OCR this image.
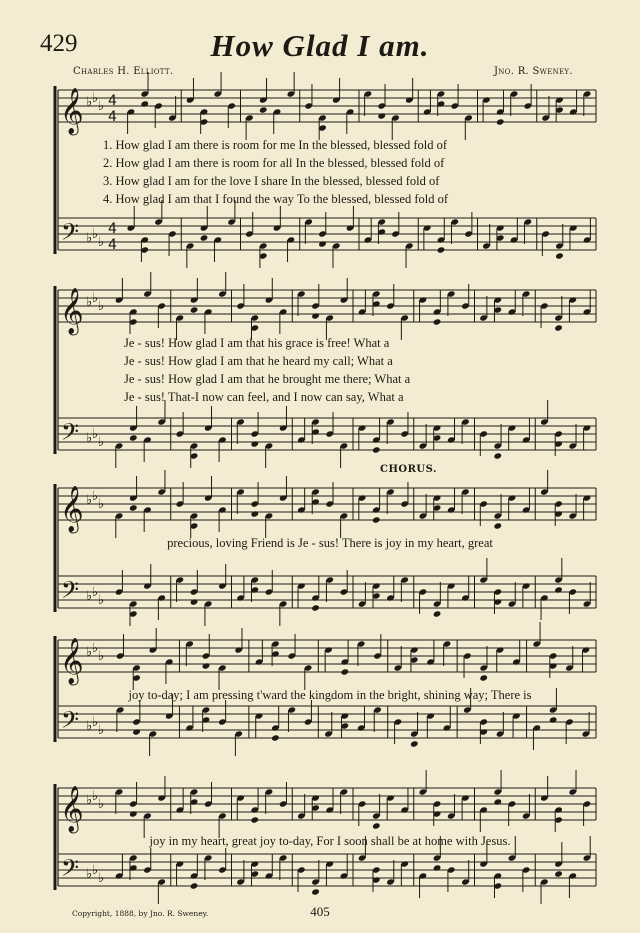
429	How Glad I am.
Charles H. Elliott.	Jno. R. Sweney.
𝄞
𝄢
♭ ♭
♭
♭ ♭
♭
4
4
4
4
𝄞
𝄢
♭ ♭
♭
♭ ♭
♭
𝄞
𝄢
♭ ♭
♭
♭ ♭
♭
𝄞
𝄢
♭ ♭
♭
♭ ♭
♭
𝄞
𝄢
♭ ♭
♭
♭ ♭
♭
1. How glad I am there is room for me In the blessed, blessed fold of
2. How glad I am there is room for all In the blessed, blessed fold of
3. How glad I am for the love I share In the blessed, blessed fold of
4. How glad I am that I found the way To the blessed, blessed fold of
Je - sus! How glad I am that his grace is free! What a
Je - sus! How glad I am that he heard my call; What a
Je - sus! How glad I am that he brought me there; What a
Je - sus! That-I now can feel, and I now can say, What a
CHORUS.
precious, loving Friend is Je - sus! There is joy in my heart, great
joy to-day; I am pressing t'ward the kingdom in the bright, shining way; There is
joy in my heart, great joy to-day, For I soon shall be at home with Jesus.
Copyright, 1888, by Jno. R. Sweney.	405
